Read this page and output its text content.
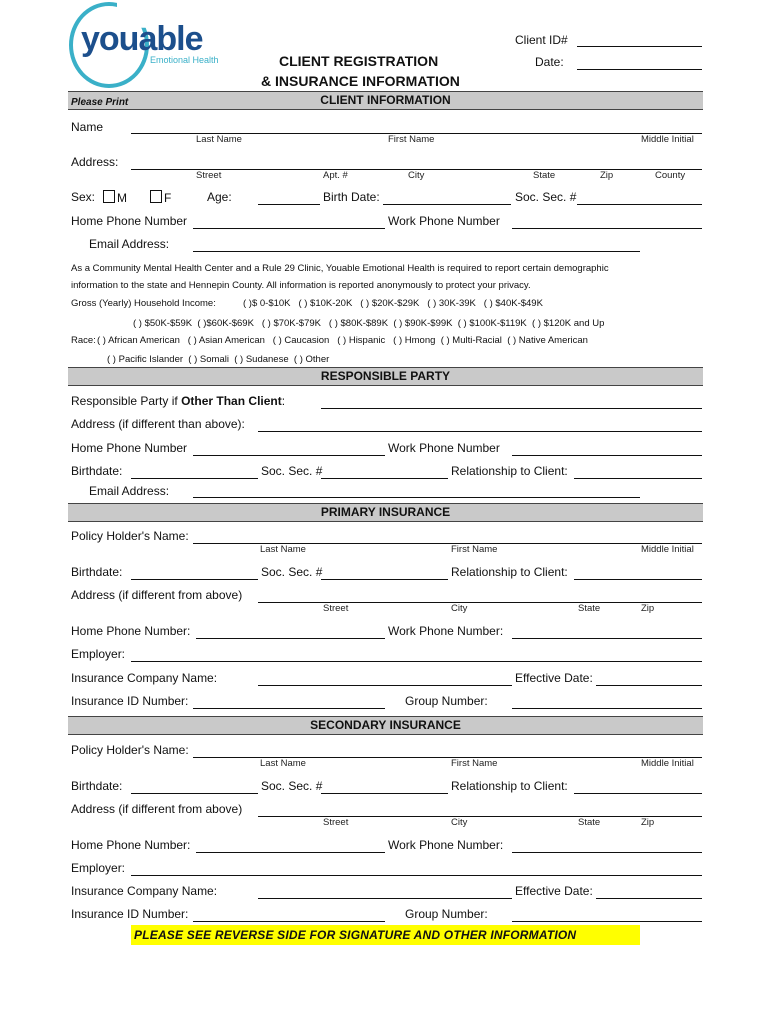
youable
Emotional Health
Client ID#
Date:
CLIENT REGISTRATION
& INSURANCE INFORMATION
CLIENT INFORMATION
Please Print
Name
Last Name	First Name	Middle Initial
Address:
Street	Apt. #	City	State	Zip	County
Sex:	M	F	Age:	Birth Date:	Soc. Sec. #
Home Phone Number	Work Phone Number
Email Address:
As a Community Mental Health Center and a Rule 29 Clinic, Youable Emotional Health is required to report certain demographic
information to the state and Hennepin County. All information is reported anonymously to protect your privacy.
Gross (Yearly) Household Income:	( )$ 0-$10K   ( ) $10K-20K   ( ) $20K-$29K   ( ) 30K-39K   ( ) $40K-$49K
( ) $50K-$59K  ( )$60K-$69K   ( ) $70K-$79K   ( ) $80K-$89K  ( ) $90K-$99K  ( ) $100K-$119K  ( ) $120K and Up
Race: ( ) African American   ( ) Asian American   ( ) Caucasion   ( ) Hispanic   ( ) Hmong  ( ) Multi-Racial  ( ) Native American
( ) Pacific Islander  ( ) Somali  ( ) Sudanese  ( ) Other
RESPONSIBLE PARTY
Responsible Party if Other Than Client:
Address (if different than above):
Home Phone Number	Work Phone Number
Birthdate:	Soc. Sec. #	Relationship to Client:
Email Address:
PRIMARY INSURANCE
Policy Holder's Name:
Last Name	First Name	Middle Initial
Birthdate:	Soc. Sec. #	Relationship to Client:
Address (if different from above)
Street	City	State	Zip
Home Phone Number:	Work Phone Number:
Employer:
Insurance Company Name:	Effective Date:
Insurance ID Number:	Group Number:
SECONDARY INSURANCE
Policy Holder's Name:
Last Name	First Name	Middle Initial
Birthdate:	Soc. Sec. #	Relationship to Client:
Address (if different from above)
Street	City	State	Zip
Home Phone Number:	Work Phone Number:
Employer:
Insurance Company Name:	Effective Date:
Insurance ID Number:	Group Number:
PLEASE SEE REVERSE SIDE FOR SIGNATURE AND OTHER INFORMATION
